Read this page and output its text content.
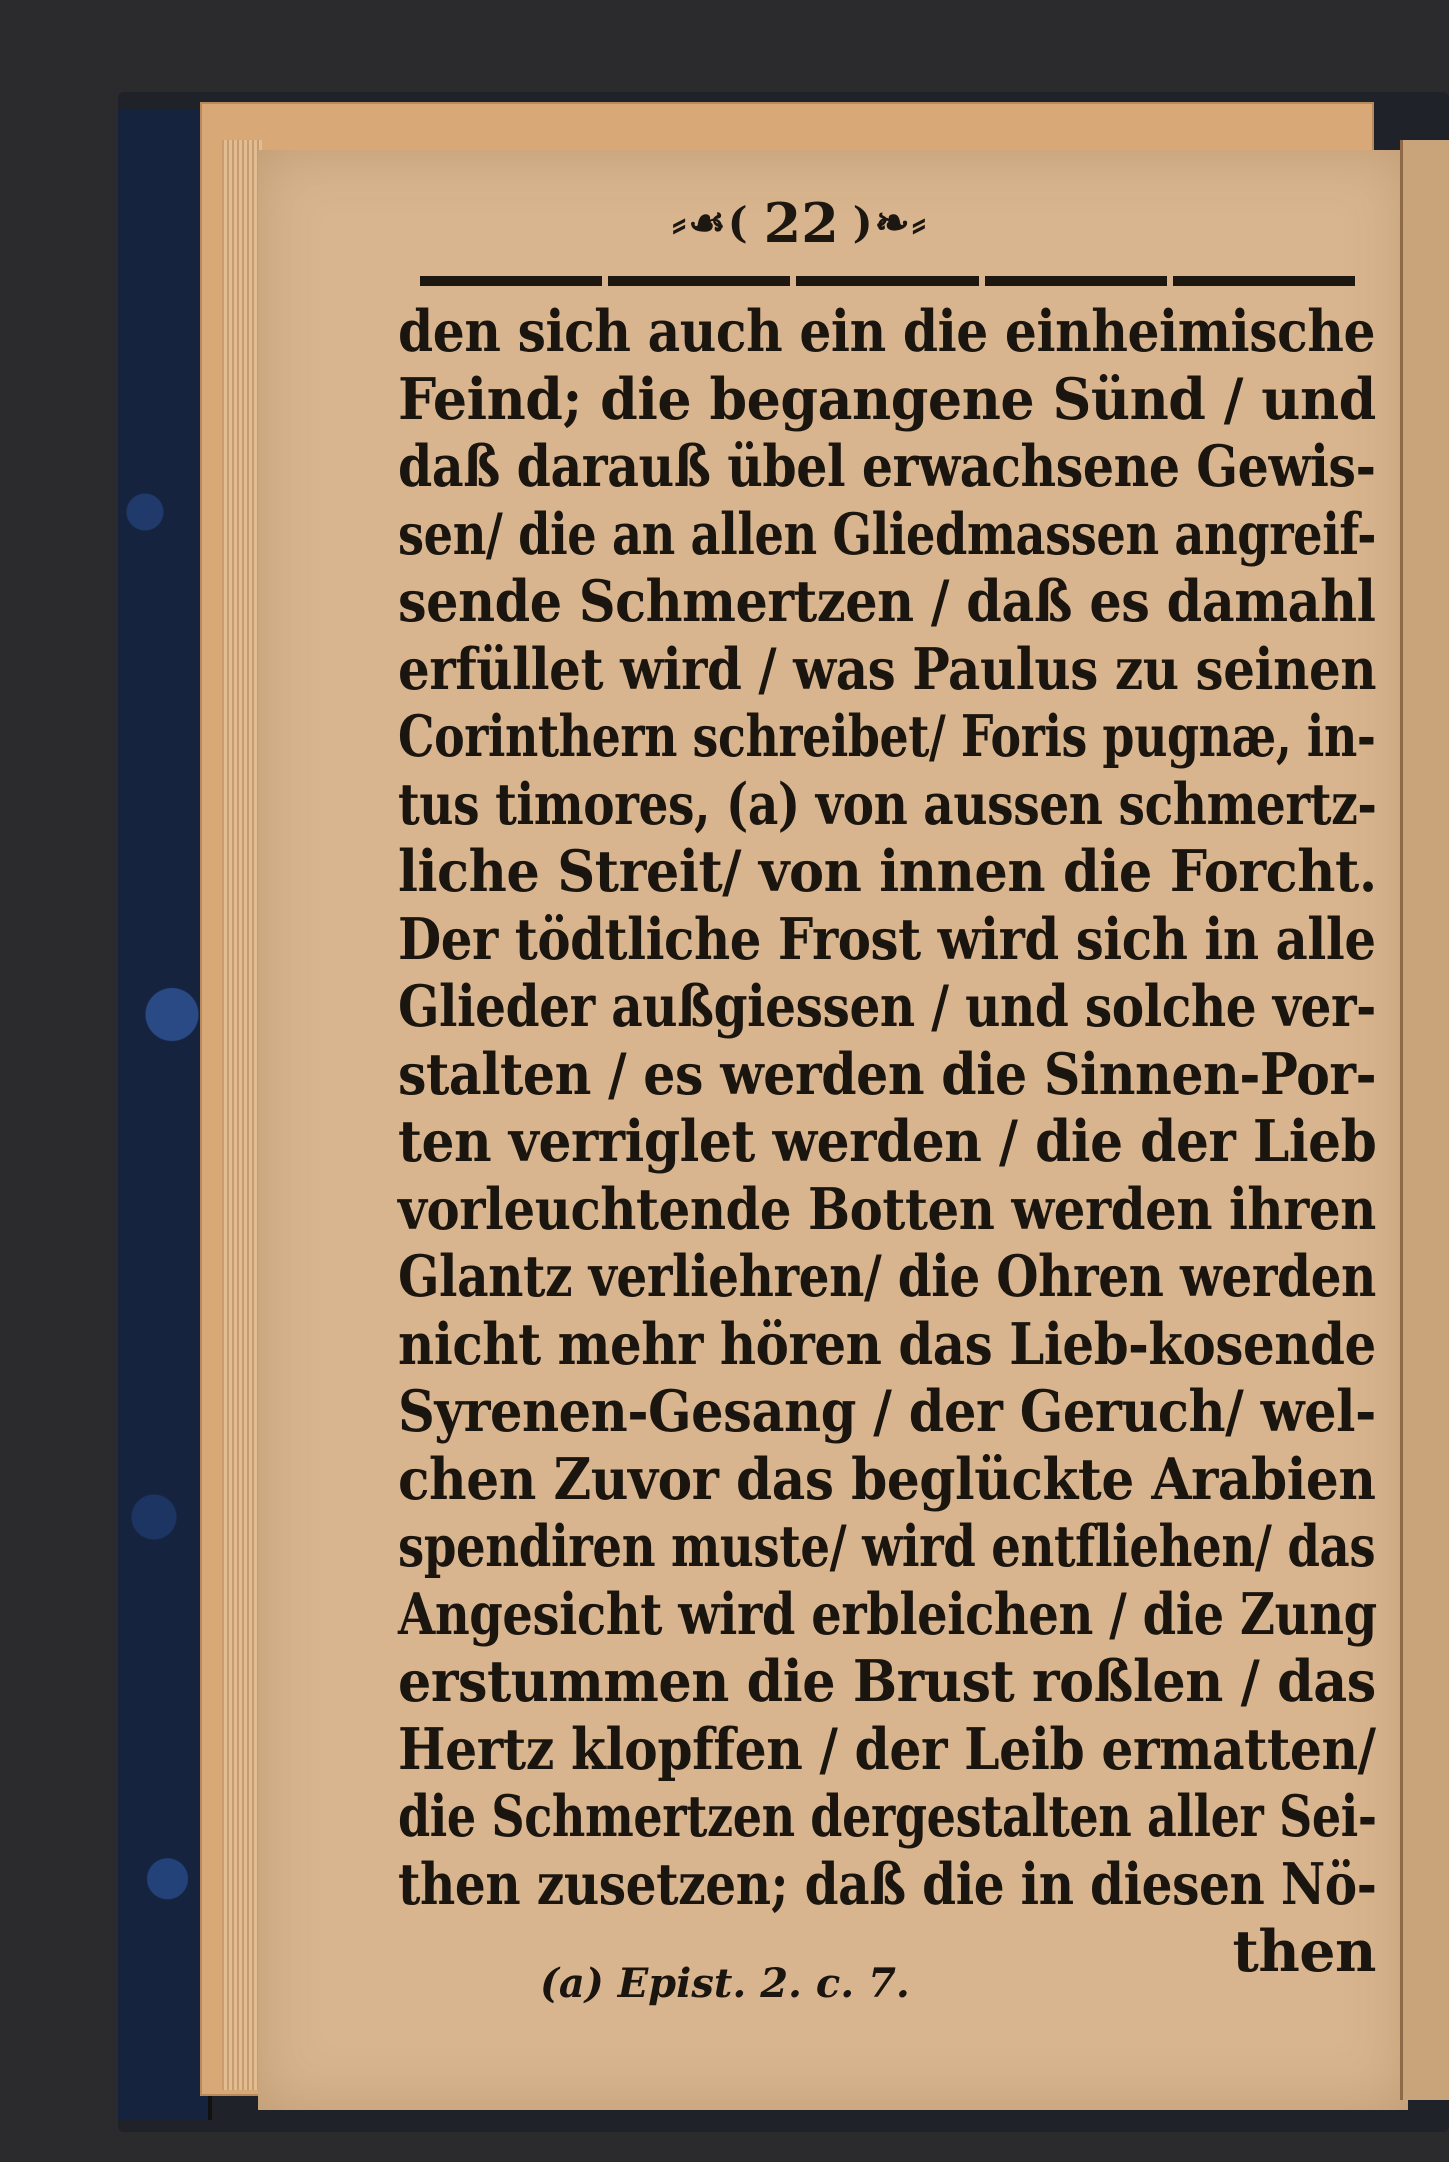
⸗☙( 22 )❧⸗
den sich auch ein die einheimische
Feind; die begangene Sünd / und
daß darauß übel erwachsene Gewis-
sen/ die an allen Gliedmassen angreif-
sende Schmertzen / daß es damahl
erfüllet wird / was Paulus zu seinen
Corinthern schreibet/ Foris pugnæ, in-
tus timores, (a) von aussen schmertz-
liche Streit/ von innen die Forcht.
Der tödtliche Frost wird sich in alle
Glieder außgiessen / und solche ver-
stalten / es werden die Sinnen-Por-
ten verriglet werden / die der Lieb
vorleuchtende Botten werden ihren
Glantz verliehren/ die Ohren werden
nicht mehr hören das Lieb-kosende
Syrenen-Gesang / der Geruch/ wel-
chen Zuvor das beglückte Arabien
spendiren muste/ wird entfliehen/ das
Angesicht wird erbleichen / die Zung
erstummen die Brust roßlen / das
Hertz klopffen / der Leib ermatten/
die Schmertzen dergestalten aller Sei-
then zusetzen; daß die in diesen Nö-
then
(a) Epist. 2. c. 7.
